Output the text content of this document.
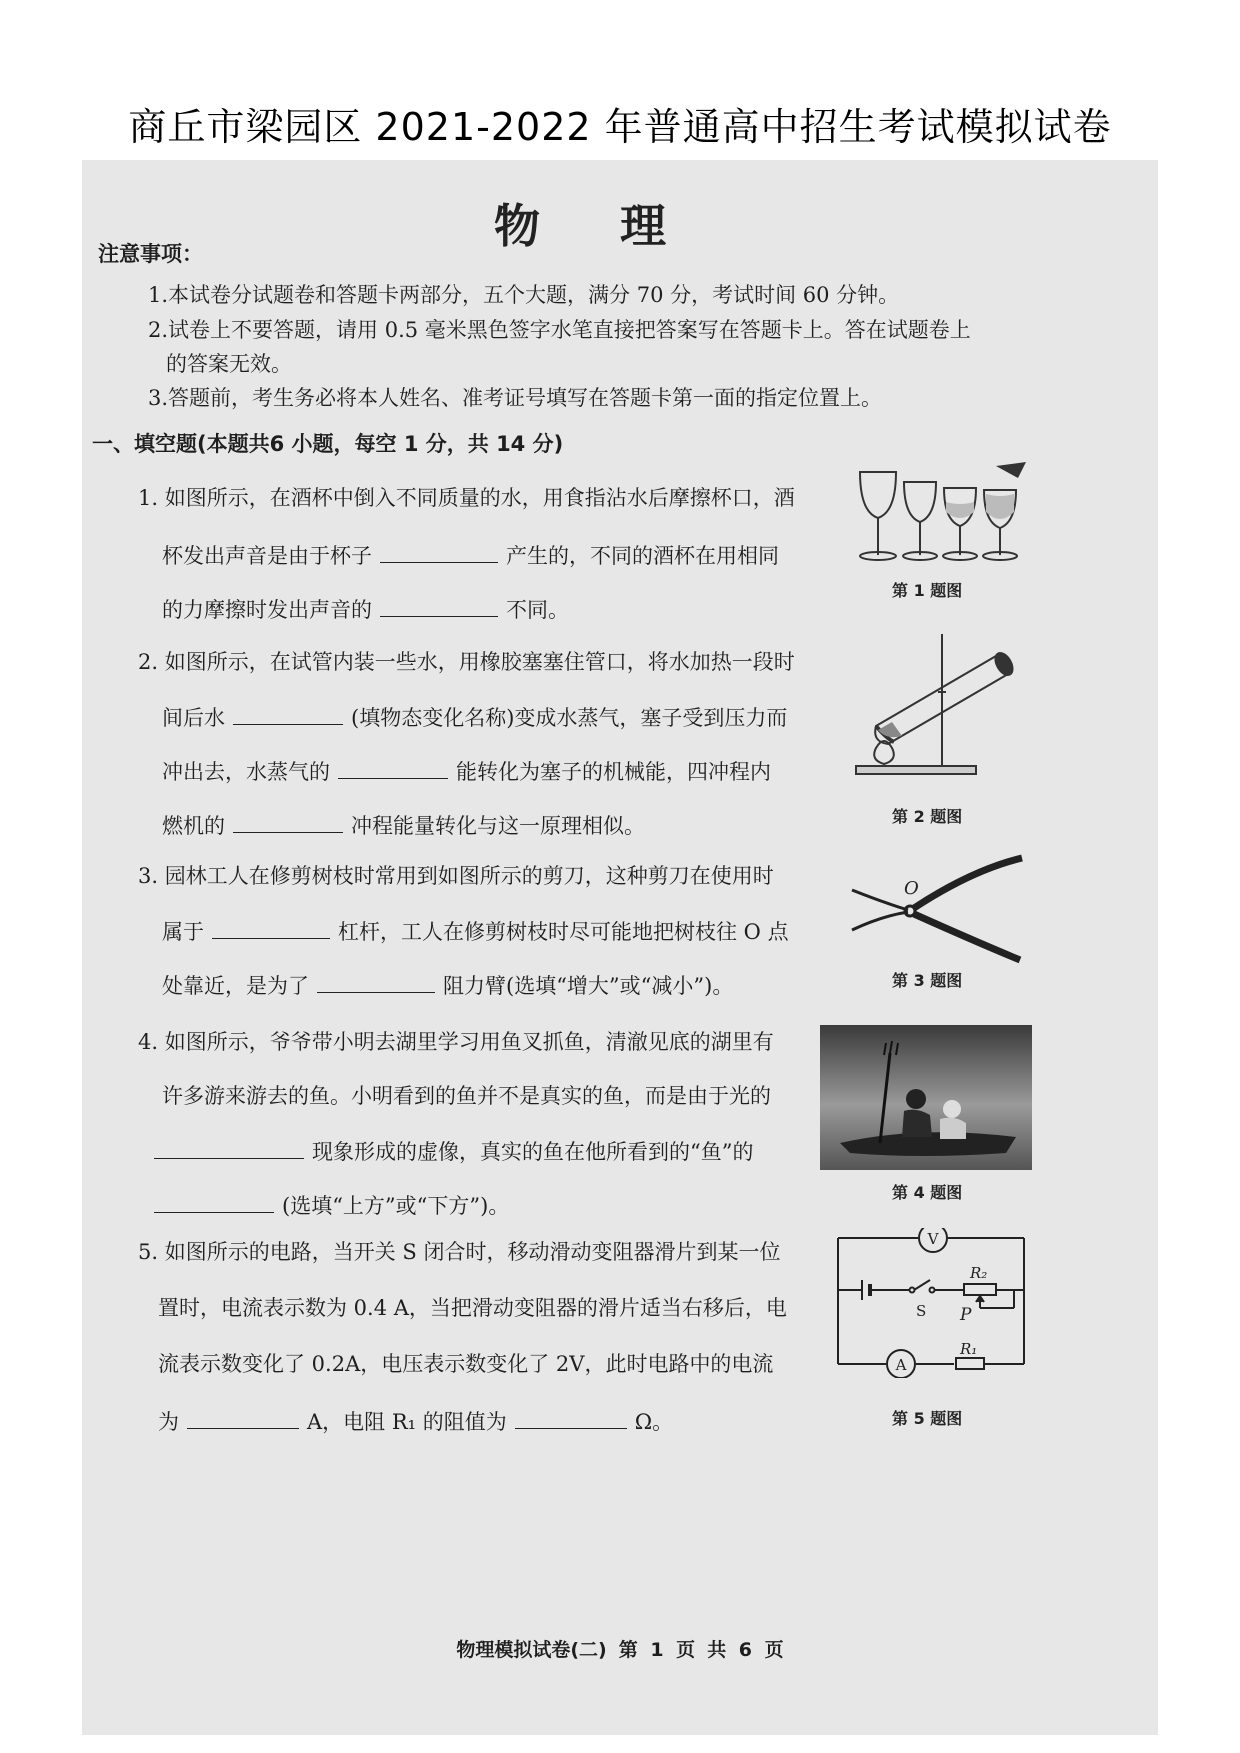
商丘市梁园区 2021-2022 年普通高中招生考试模拟试卷
物理
注意事项：
1.本试卷分试题卷和答题卡两部分，五个大题，满分 70 分，考试时间 60 分钟。
2.试卷上不要答题，请用 0.5 毫米黑色签字水笔直接把答案写在答题卡上。答在试题卷上
的答案无效。
3.答题前，考生务必将本人姓名、准考证号填写在答题卡第一面的指定位置上。
一、填空题(本题共6 小题，每空 1 分，共 14 分)
1. 如图所示，在酒杯中倒入不同质量的水，用食指沾水后摩擦杯口，酒
杯发出声音是由于杯子	产生的，不同的酒杯在用相同
的力摩擦时发出声音的	不同。
第 1 题图
2. 如图所示，在试管内装一些水，用橡胶塞塞住管口，将水加热一段时
间后水	(填物态变化名称)变成水蒸气，塞子受到压力而
冲出去，水蒸气的	能转化为塞子的机械能，四冲程内
燃机的	冲程能量转化与这一原理相似。	第 2 题图
3. 园林工人在修剪树枝时常用到如图所示的剪刀，这种剪刀在使用时
属于	杠杆，工人在修剪树枝时尽可能地把树枝往 O 点
处靠近，是为了	阻力臂(选填“增大”或“减小”)。
O
第 3 题图
4. 如图所示，爷爷带小明去湖里学习用鱼叉抓鱼，清澈见底的湖里有
许多游来游去的鱼。小明看到的鱼并不是真实的鱼，而是由于光的
现象形成的虚像，真实的鱼在他所看到的“鱼”的
(选填“上方”或“下方”)。
第 4 题图
5. 如图所示的电路，当开关 S 闭合时，移动滑动变阻器滑片到某一位
置时，电流表示数为 0.4 A，当把滑动变阻器的滑片适当右移后，电
流表示数变化了 0.2A，电压表示数变化了 2V，此时电路中的电流
为	A，电阻 R₁ 的阻值为	Ω。
V
A
S P
R₂
R₁
第 5 题图
物理模拟试卷(二) 第 1 页 共 6 页
